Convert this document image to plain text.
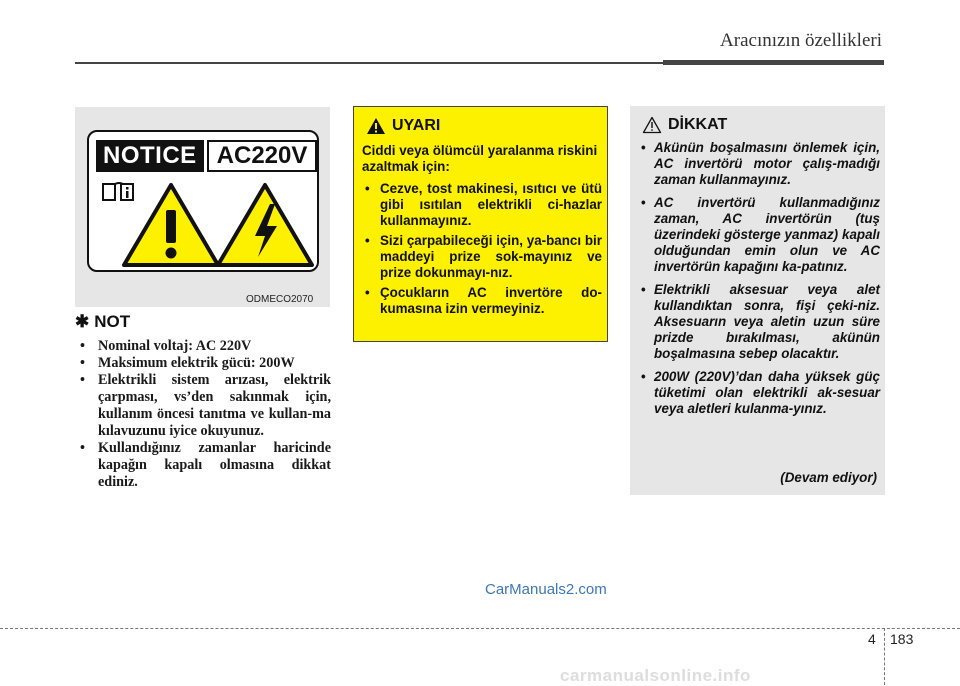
Aracınızın özellikleri
NOTICE AC220V
ODMECO2070
✱ NOT
• Nominal voltaj: AC 220V
• Maksimum elektrik gücü: 200W
• Elektrikli sistem arızası, elektrik çarpması, vs’den sakınmak için, kullanım öncesi tanıtma ve kullan-ma kılavuzunu iyice okuyunuz.
• Kullandığınız zamanlar haricinde kapağın kapalı olmasına dikkat ediniz.
UYARI
Ciddi veya ölümcül yaralanma riskini azaltmak için:
• Cezve, tost makinesi, ısıtıcı ve ütü gibi ısıtılan elektrikli ci-hazlar kullanmayınız.
• Sizi çarpabileceği için, ya-bancı bir maddeyi prize sok-mayınız ve prize dokunmayı-nız.
• Çocukların AC invertöre do-kumasına izin vermeyiniz.
DİKKAT
• Akünün boşalmasını önlemek için, AC invertörü motor çalış-madığı zaman kullanmayınız.
• AC invertörü kullanmadığınız zaman, AC invertörün (tuş üzerindeki gösterge yanmaz) kapalı olduğundan emin olun ve AC invertörün kapağını ka-patınız.
• Elektrikli aksesuar veya alet kullandıktan sonra, fişi çeki-niz. Aksesuarın veya aletin uzun süre prizde bırakılması, akünün boşalmasına sebep olacaktır.
• 200W (220V)’dan daha yüksek güç tüketimi olan elektrikli ak-sesuar veya aletleri kulanma-yınız.
(Devam ediyor)
CarManuals2.com
4 183
carmanualsonline.info
